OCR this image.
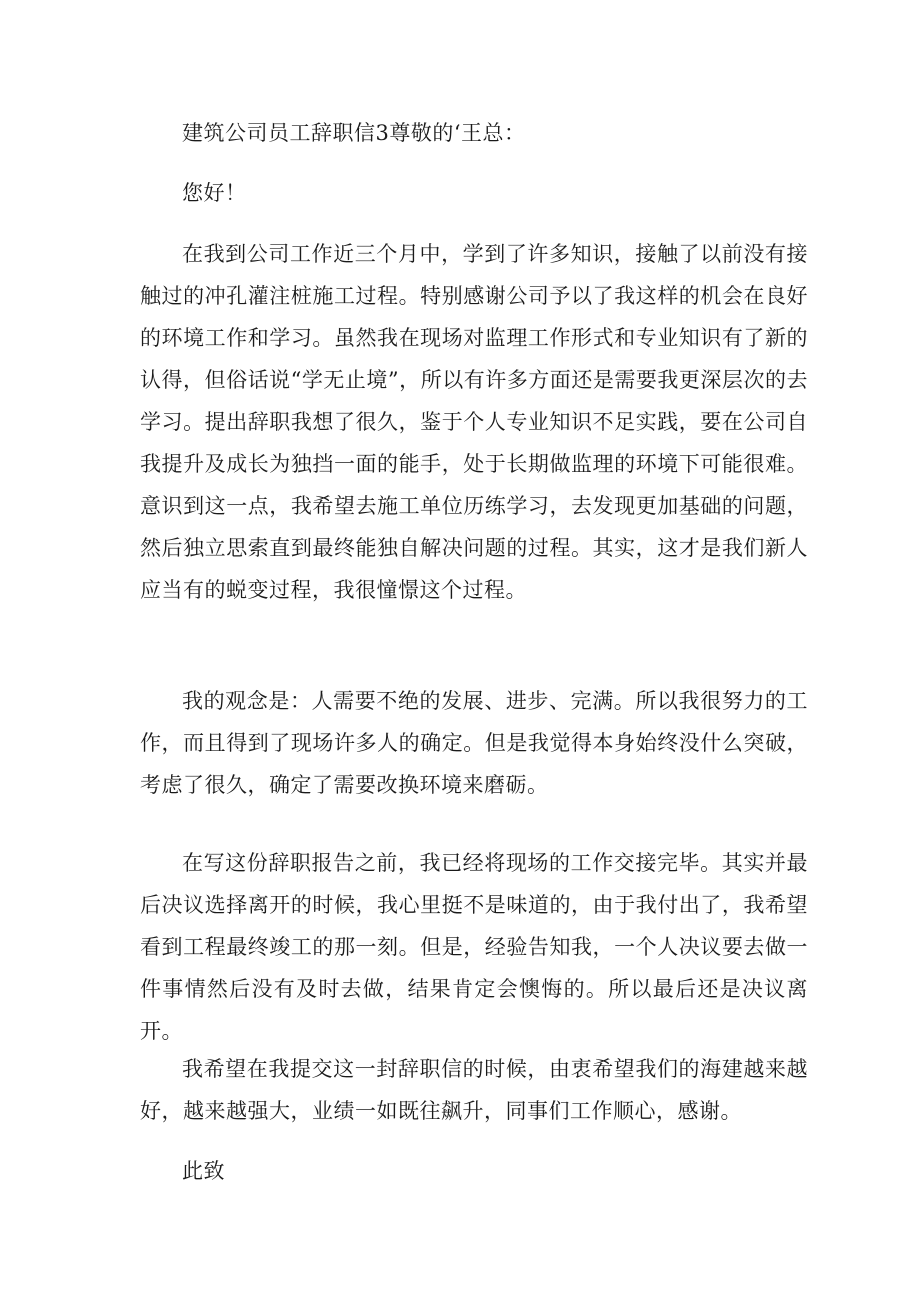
建筑公司员工辞职信3尊敬的‘王总：

您好！

在我到公司工作近三个月中，学到了许多知识，接触了以前没有接触过的冲孔灌注桩施工过程。特别感谢公司予以了我这样的机会在良好的环境工作和学习。虽然我在现场对监理工作形式和专业知识有了新的认得，但俗话说“学无止境”，所以有许多方面还是需要我更深层次的去学习。提出辞职我想了很久，鉴于个人专业知识不足实践，要在公司自我提升及成长为独挡一面的能手，处于长期做监理的环境下可能很难。意识到这一点，我希望去施工单位历练学习，去发现更加基础的问题，然后独立思索直到最终能独自解决问题的过程。其实，这才是我们新人应当有的蜕变过程，我很憧憬这个过程。

我的观念是：人需要不绝的发展、进步、完满。所以我很努力的工作，而且得到了现场许多人的确定。但是我觉得本身始终没什么突破，考虑了很久，确定了需要改换环境来磨砺。

在写这份辞职报告之前，我已经将现场的工作交接完毕。其实并最后决议选择离开的时候，我心里挺不是味道的，由于我付出了，我希望看到工程最终竣工的那一刻。但是，经验告知我，一个人决议要去做一件事情然后没有及时去做，结果肯定会懊悔的。所以最后还是决议离开。

我希望在我提交这一封辞职信的时候，由衷希望我们的海建越来越好，越来越强大，业绩一如既往飙升，同事们工作顺心，感谢。

此致
